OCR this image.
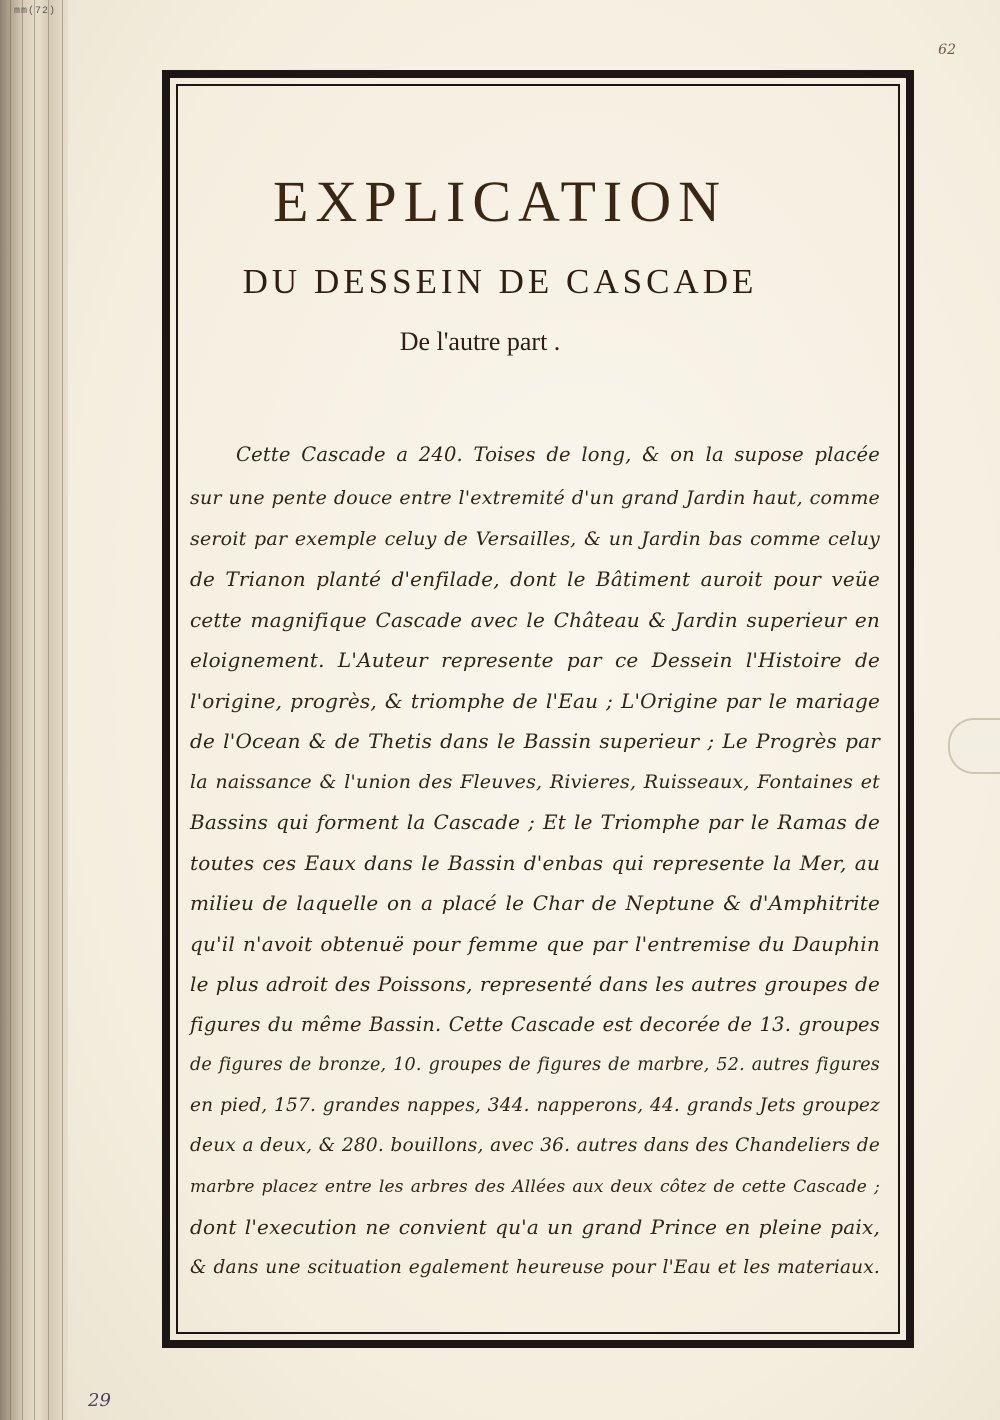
mm(72)
62
EXPLICATION
DU DESSEIN DE CASCADE
De l'autre part .
Cette Cascade a 240. Toises de long, & on la supose placée
sur une pente douce entre l'extremité d'un grand Jardin haut, comme
seroit par exemple celuy de Versailles, & un Jardin bas comme celuy
de Trianon planté d'enfilade, dont le Bâtiment auroit pour veüe
cette magnifique Cascade avec le Château & Jardin superieur en
eloignement. L'Auteur represente par ce Dessein l'Histoire de
l'origine, progrès, & triomphe de l'Eau ; L'Origine par le mariage
de l'Ocean & de Thetis dans le Bassin superieur ; Le Progrès par
la naissance & l'union des Fleuves, Rivieres, Ruisseaux, Fontaines et
Bassins qui forment la Cascade ; Et le Triomphe par le Ramas de
toutes ces Eaux dans le Bassin d'enbas qui represente la Mer, au
milieu de laquelle on a placé le Char de Neptune & d'Amphitrite
qu'il n'avoit obtenuë pour femme que par l'entremise du Dauphin
le plus adroit des Poissons, representé dans les autres groupes de
figures du même Bassin. Cette Cascade est decorée de 13. groupes
de figures de bronze, 10. groupes de figures de marbre, 52. autres figures
en pied, 157. grandes nappes, 344. napperons, 44. grands Jets groupez
deux a deux, & 280. bouillons, avec 36. autres dans des Chandeliers de
marbre placez entre les arbres des Allées aux deux côtez de cette Cascade ;
dont l'execution ne convient qu'a un grand Prince en pleine paix,
& dans une scituation egalement heureuse pour l'Eau et les materiaux.
29
